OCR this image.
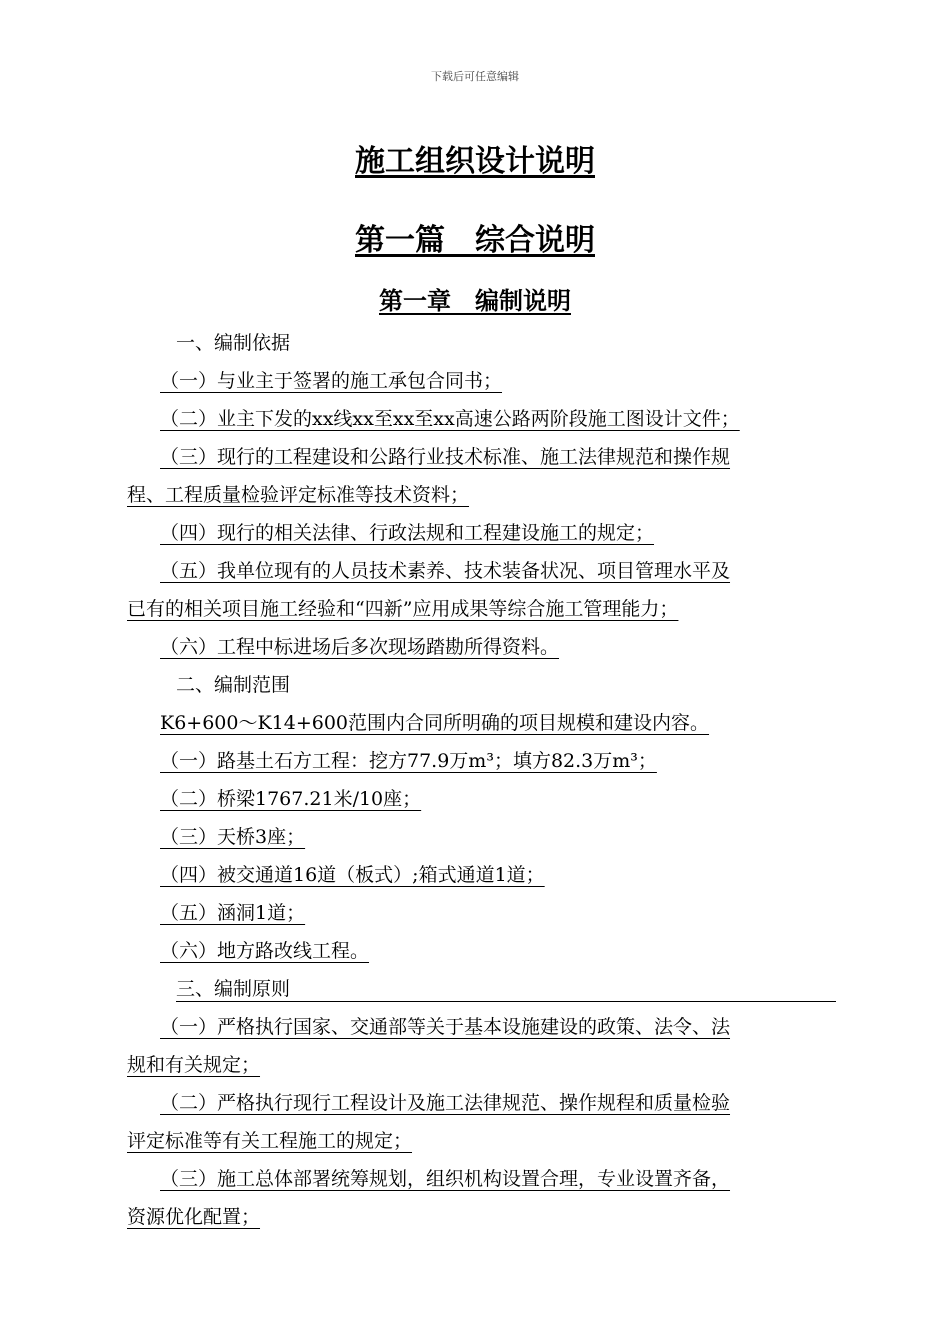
下载后可任意编辑
施工组织设计说明
第一篇　综合说明
第一章　编制说明
一、编制依据
（一）与业主于签署的施工承包合同书；
（二）业主下发的xx线xx至xx至xx高速公路两阶段施工图设计文件；
（三）现行的工程建设和公路行业技术标准、施工法律规范和操作规
程、工程质量检验评定标准等技术资料；
（四）现行的相关法律、行政法规和工程建设施工的规定；
（五）我单位现有的人员技术素养、技术装备状况、项目管理水平及
已有的相关项目施工经验和“四新”应用成果等综合施工管理能力；
（六）工程中标进场后多次现场踏勘所得资料。
二、编制范围
K6+600～K14+600范围内合同所明确的项目规模和建设内容。
（一）路基土石方工程：挖方77.9万m³；填方82.3万m³；
（二）桥梁1767.21米/10座；
（三）天桥3座；
（四）被交通道16道（板式）;箱式通道1道；
（五）涵洞1道；
（六）地方路改线工程。
三、编制原则
（一）严格执行国家、交通部等关于基本设施建设的政策、法令、法
规和有关规定；
（二）严格执行现行工程设计及施工法律规范、操作规程和质量检验
评定标准等有关工程施工的规定；
（三）施工总体部署统筹规划，组织机构设置合理，专业设置齐备，
资源优化配置；
